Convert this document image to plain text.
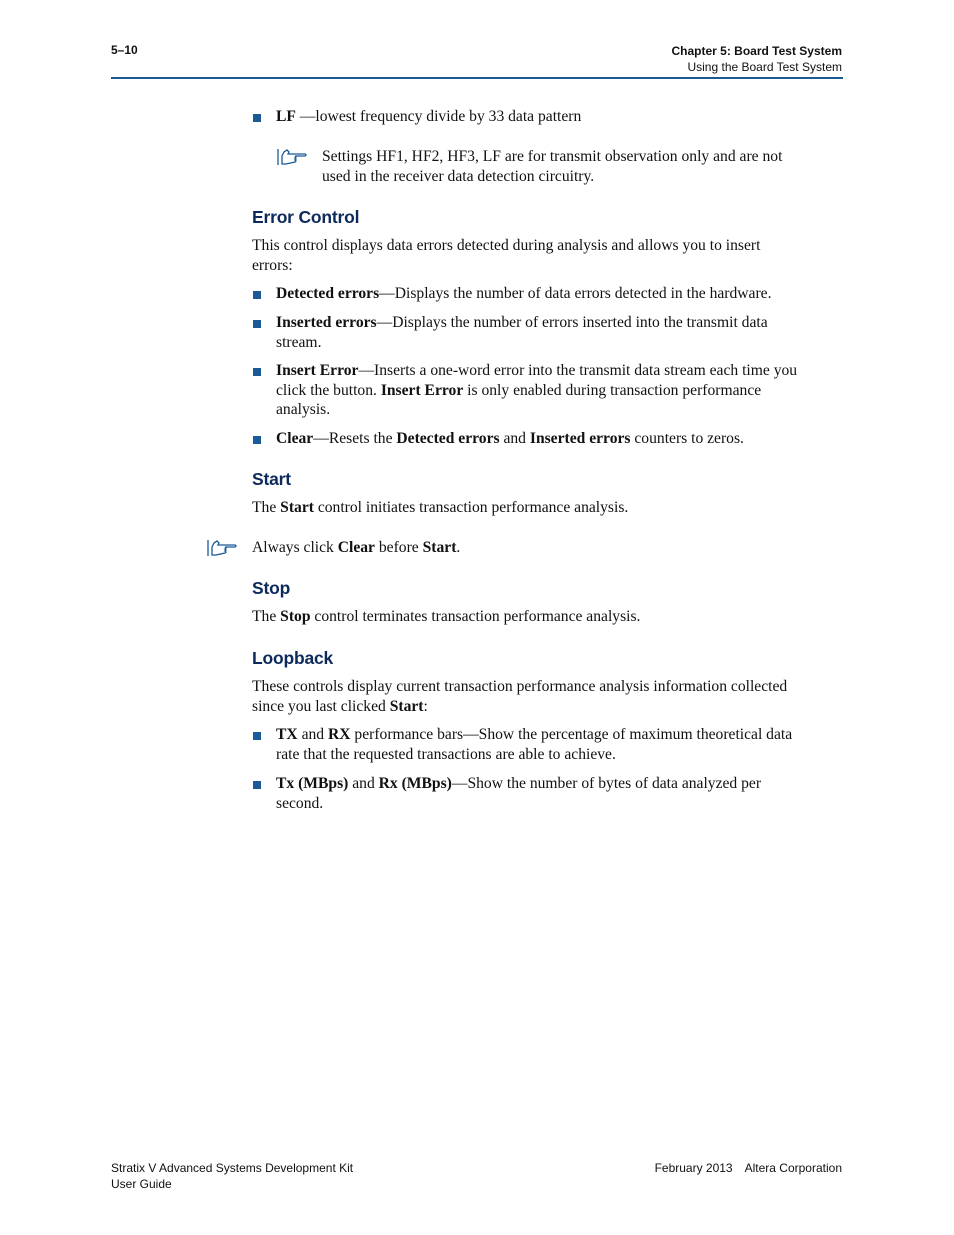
5–10	Chapter 5: Board Test System
Using the Board Test System
LF —lowest frequency divide by 33 data pattern
Settings HF1, HF2, HF3, LF are for transmit observation only and are not
used in the receiver data detection circuitry.
Error Control
This control displays data errors detected during analysis and allows you to insert
errors:
Detected errors—Displays the number of data errors detected in the hardware.
Inserted errors—Displays the number of errors inserted into the transmit data
stream.
Insert Error—Inserts a one-word error into the transmit data stream each time you
click the button. Insert Error is only enabled during transaction performance
analysis.
Clear—Resets the Detected errors and Inserted errors counters to zeros.
Start
The Start control initiates transaction performance analysis.
Always click Clear before Start.
Stop
The Stop control terminates transaction performance analysis.
Loopback
These controls display current transaction performance analysis information collected
since you last clicked Start:
TX and RX performance bars—Show the percentage of maximum theoretical data
rate that the requested transactions are able to achieve.
Tx (MBps) and Rx (MBps)—Show the number of bytes of data analyzed per
second.
Stratix V Advanced Systems Development Kit
User Guide
February 2013 Altera Corporation
